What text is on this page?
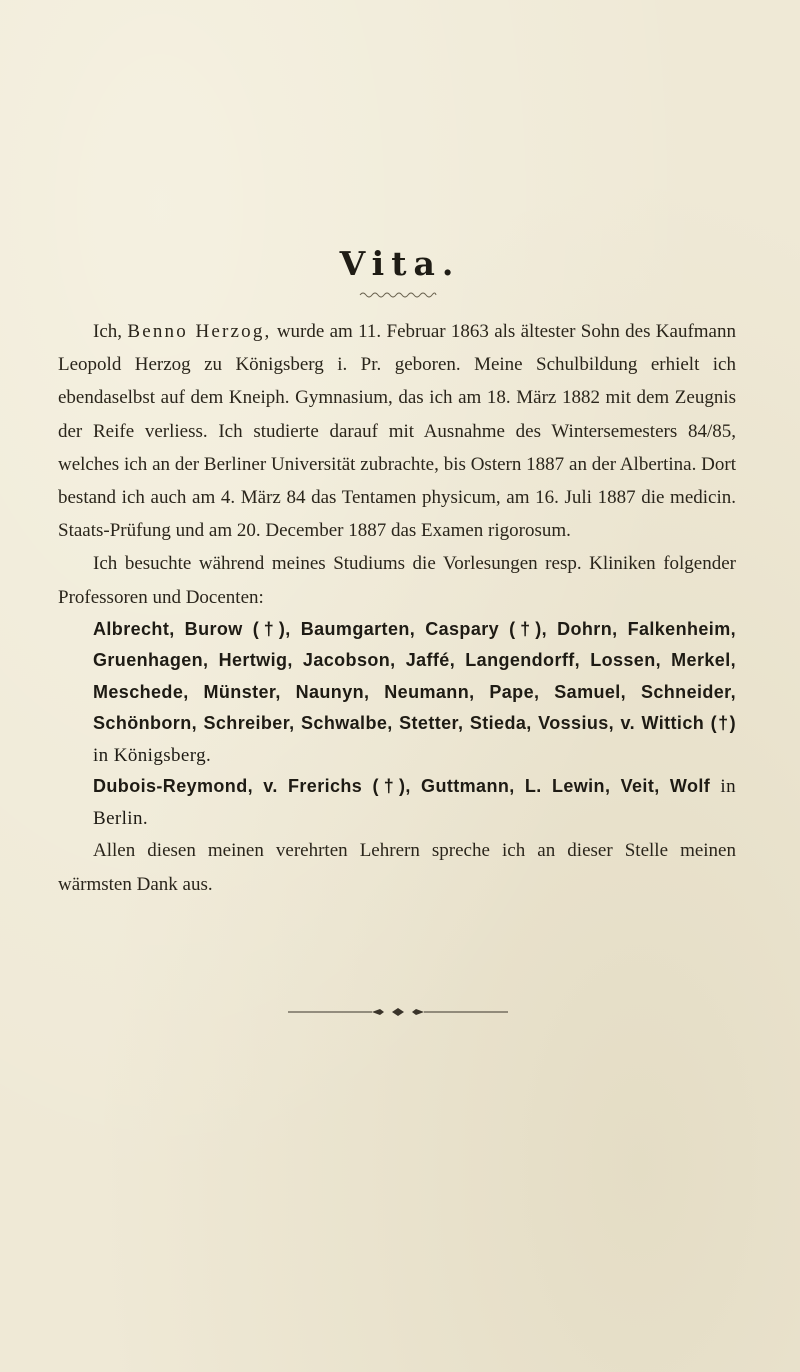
Vita.

Ich, Benno Herzog, wurde am 11. Februar 1863 als ältester Sohn des Kaufmann Leopold Herzog zu Königsberg i. Pr. geboren. Meine Schulbildung erhielt ich ebendaselbst auf dem Kneiph. Gymnasium, das ich am 18. März 1882 mit dem Zeugnis der Reife verliess. Ich studierte darauf mit Ausnahme des Wintersemesters 84/85, welches ich an der Berliner Universität zubrachte, bis Ostern 1887 an der Albertina. Dort bestand ich auch am 4. März 84 das Tentamen physicum, am 16. Juli 1887 die medicin. Staats-Prüfung und am 20. December 1887 das Examen rigorosum.

Ich besuchte während meines Studiums die Vorlesungen resp. Kliniken folgender Professoren und Docenten:

Albrecht, Burow (†), Baumgarten, Caspary (†), Dohrn, Falkenheim, Gruenhagen, Hertwig, Jacobson, Jaffé, Langendorff, Lossen, Merkel, Meschede, Münster, Naunyn, Neumann, Pape, Samuel, Schneider, Schönborn, Schreiber, Schwalbe, Stetter, Stieda, Vossius, v. Wittich (†) in Königsberg.

Dubois-Reymond, v. Frerichs (†), Guttmann, L. Lewin, Veit, Wolf in Berlin.

Allen diesen meinen verehrten Lehrern spreche ich an dieser Stelle meinen wärmsten Dank aus.
